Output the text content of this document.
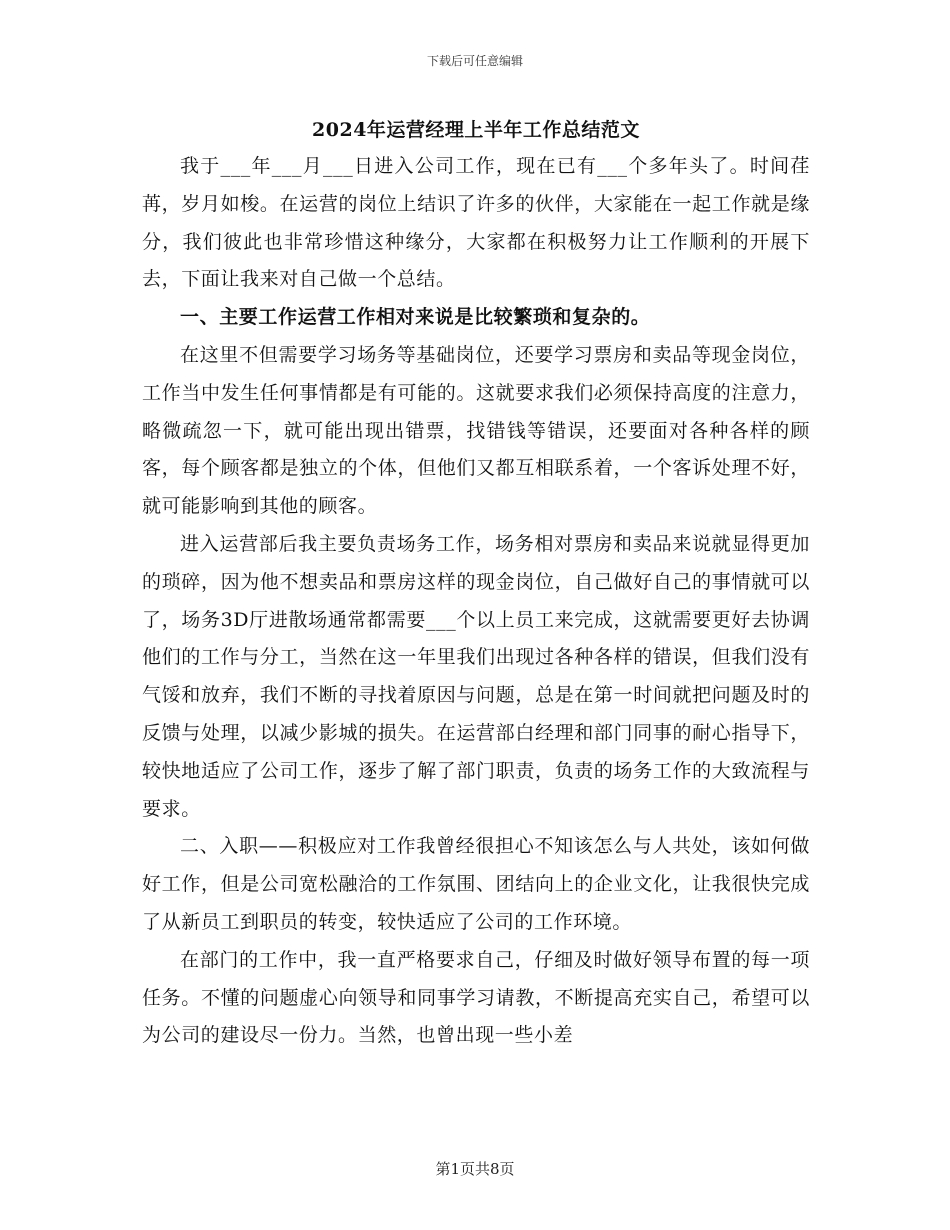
下载后可任意编辑
2024年运营经理上半年工作总结范文

我于___年___月___日进入公司工作，现在已有___个多年头了。时间荏苒，岁月如梭。在运营的岗位上结识了许多的伙伴，大家能在一起工作就是缘分，我们彼此也非常珍惜这种缘分，大家都在积极努力让工作顺利的开展下去，下面让我来对自己做一个总结。

一、主要工作运营工作相对来说是比较繁琐和复杂的。

在这里不但需要学习场务等基础岗位，还要学习票房和卖品等现金岗位，工作当中发生任何事情都是有可能的。这就要求我们必须保持高度的注意力，略微疏忽一下，就可能出现出错票，找错钱等错误，还要面对各种各样的顾客，每个顾客都是独立的个体，但他们又都互相联系着，一个客诉处理不好，就可能影响到其他的顾客。

进入运营部后我主要负责场务工作，场务相对票房和卖品来说就显得更加的琐碎，因为他不想卖品和票房这样的现金岗位，自己做好自己的事情就可以了，场务3D厅进散场通常都需要___个以上员工来完成，这就需要更好去协调他们的工作与分工，当然在这一年里我们出现过各种各样的错误，但我们没有气馁和放弃，我们不断的寻找着原因与问题，总是在第一时间就把问题及时的反馈与处理，以减少影城的损失。在运营部白经理和部门同事的耐心指导下，较快地适应了公司工作，逐步了解了部门职责，负责的场务工作的大致流程与要求。

二、入职——积极应对工作我曾经很担心不知该怎么与人共处，该如何做好工作，但是公司宽松融洽的工作氛围、团结向上的企业文化，让我很快完成了从新员工到职员的转变，较快适应了公司的工作环境。

在部门的工作中，我一直严格要求自己，仔细及时做好领导布置的每一项任务。不懂的问题虚心向领导和同事学习请教，不断提高充实自己，希望可以为公司的建设尽一份力。当然，也曾出现一些小差

第1页共8页
